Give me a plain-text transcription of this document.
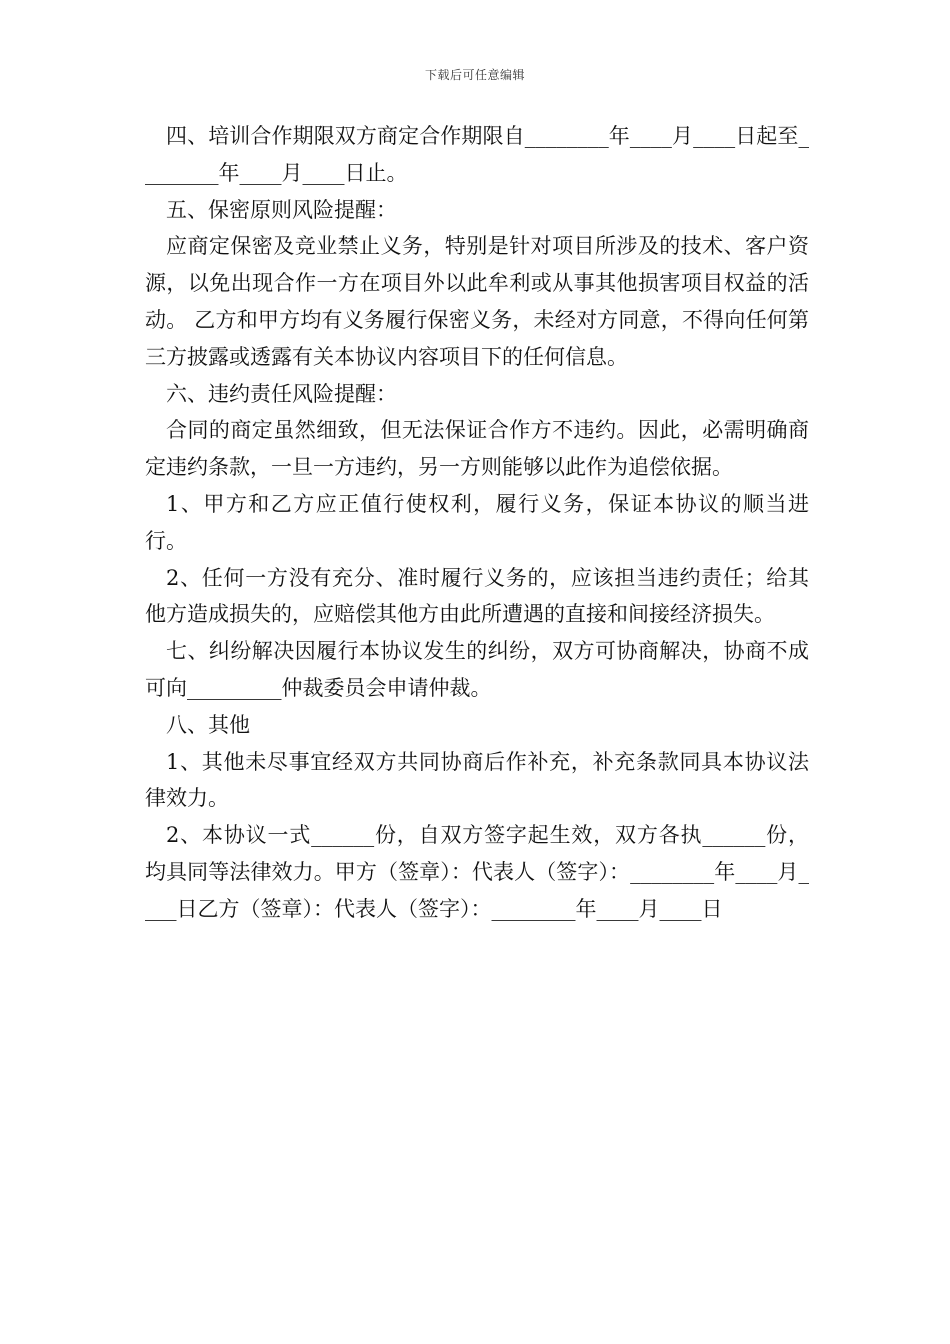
下载后可任意编辑

四、培训合作期限双方商定合作期限自________年____月____日起至________年____月____日止。

五、保密原则风险提醒：

应商定保密及竞业禁止义务，特别是针对项目所涉及的技术、客户资源，以免出现合作一方在项目外以此牟利或从事其他损害项目权益的活动。 乙方和甲方均有义务履行保密义务，未经对方同意，不得向任何第三方披露或透露有关本协议内容项目下的任何信息。

六、违约责任风险提醒：

合同的商定虽然细致，但无法保证合作方不违约。因此，必需明确商定违约条款，一旦一方违约，另一方则能够以此作为追偿依据。

1、甲方和乙方应正值行使权利，履行义务，保证本协议的顺当进行。

2、任何一方没有充分、准时履行义务的，应该担当违约责任；给其他方造成损失的，应赔偿其他方由此所遭遇的直接和间接经济损失。

七、纠纷解决因履行本协议发生的纠纷，双方可协商解决，协商不成可向_________仲裁委员会申请仲裁。

八、其他

1、其他未尽事宜经双方共同协商后作补充，补充条款同具本协议法律效力。

2、本协议一式______份，自双方签字起生效，双方各执______份，均具同等法律效力。甲方（签章）：代表人（签字）：________年____月____日乙方（签章）：代表人（签字）：________年____月____日
